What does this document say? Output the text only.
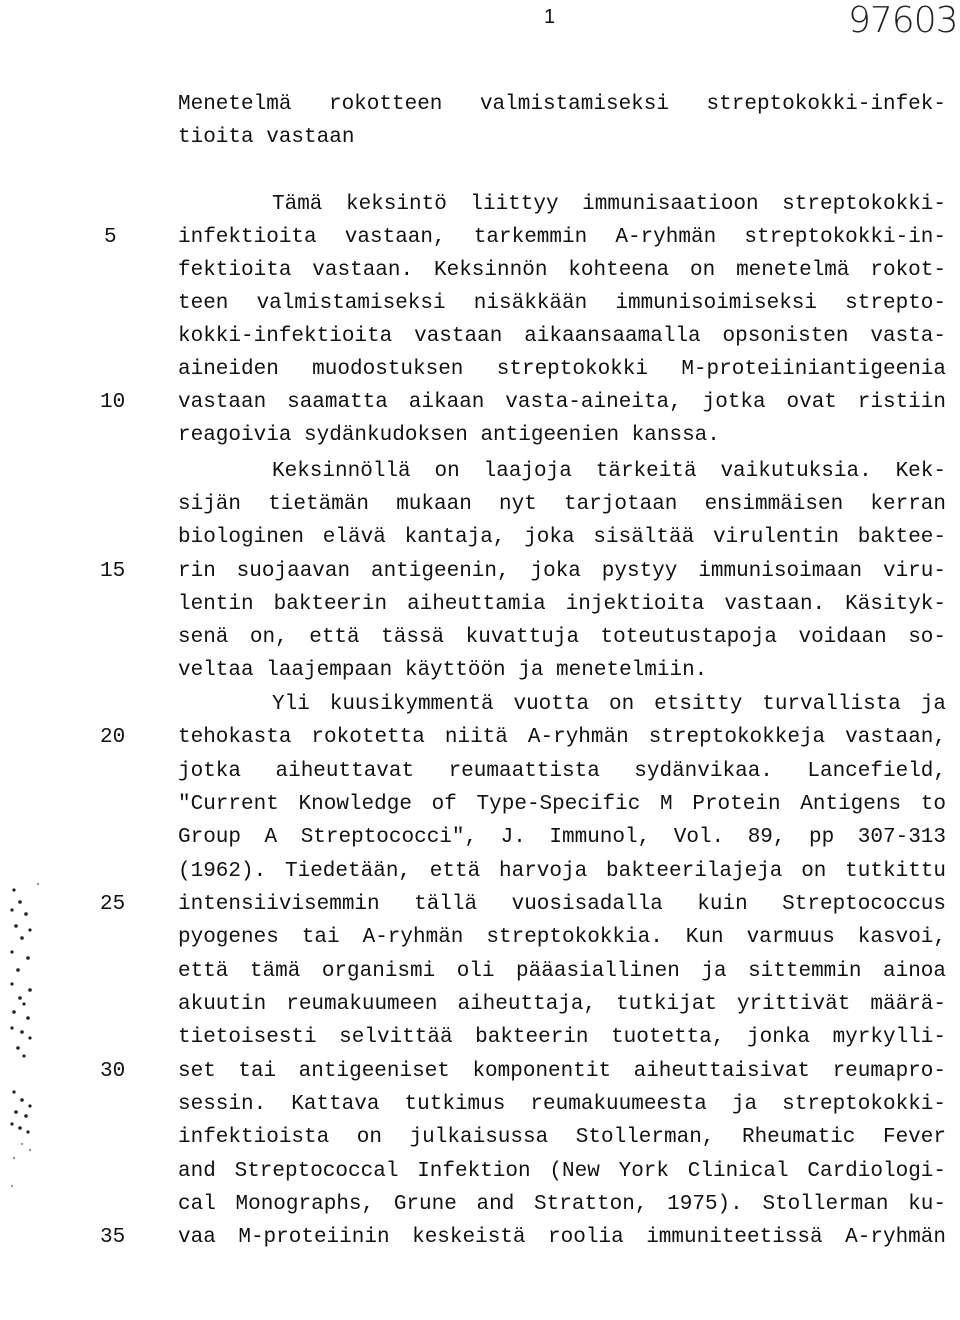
1	97603
Menetelmä rokotteen valmistamiseksi streptokokki-infek-
tioita vastaan
Tämä keksintö liittyy immunisaatioon streptokokki-
infektioita vastaan, tarkemmin A-ryhmän streptokokki-in-
fektioita vastaan. Keksinnön kohteena on menetelmä rokot-
teen valmistamiseksi nisäkkään immunisoimiseksi strepto-
kokki-infektioita vastaan aikaansaamalla opsonisten vasta-
aineiden muodostuksen streptokokki M-proteiiniantigeenia
vastaan saamatta aikaan vasta-aineita, jotka ovat ristiin
reagoivia sydänkudoksen antigeenien kanssa.
Keksinnöllä on laajoja tärkeitä vaikutuksia. Kek-
sijän tietämän mukaan nyt tarjotaan ensimmäisen kerran
biologinen elävä kantaja, joka sisältää virulentin baktee-
rin suojaavan antigeenin, joka pystyy immunisoimaan viru-
lentin bakteerin aiheuttamia injektioita vastaan. Käsityk-
senä on, että tässä kuvattuja toteutustapoja voidaan so-
veltaa laajempaan käyttöön ja menetelmiin.
Yli kuusikymmentä vuotta on etsitty turvallista ja
tehokasta rokotetta niitä A-ryhmän streptokokkeja vastaan,
jotka aiheuttavat reumaattista sydänvikaa. Lancefield,
"Current Knowledge of Type-Specific M Protein Antigens to
Group A Streptococci", J. Immunol, Vol. 89, pp 307-313
(1962). Tiedetään, että harvoja bakteerilajeja on tutkittu
intensiivisemmin tällä vuosisadalla kuin Streptococcus
pyogenes tai A-ryhmän streptokokkia. Kun varmuus kasvoi,
että tämä organismi oli pääasiallinen ja sittemmin ainoa
akuutin reumakuumeen aiheuttaja, tutkijat yrittivät määrä-
tietoisesti selvittää bakteerin tuotetta, jonka myrkylli-
set tai antigeeniset komponentit aiheuttaisivat reumapro-
sessin. Kattava tutkimus reumakuumeesta ja streptokokki-
infektioista on julkaisussa Stollerman, Rheumatic Fever
and Streptococcal Infektion (New York Clinical Cardiologi-
cal Monographs, Grune and Stratton, 1975). Stollerman ku-
vaa M-proteiinin keskeistä roolia immuniteetissä A-ryhmän
5
10
15
20
25
30
35
